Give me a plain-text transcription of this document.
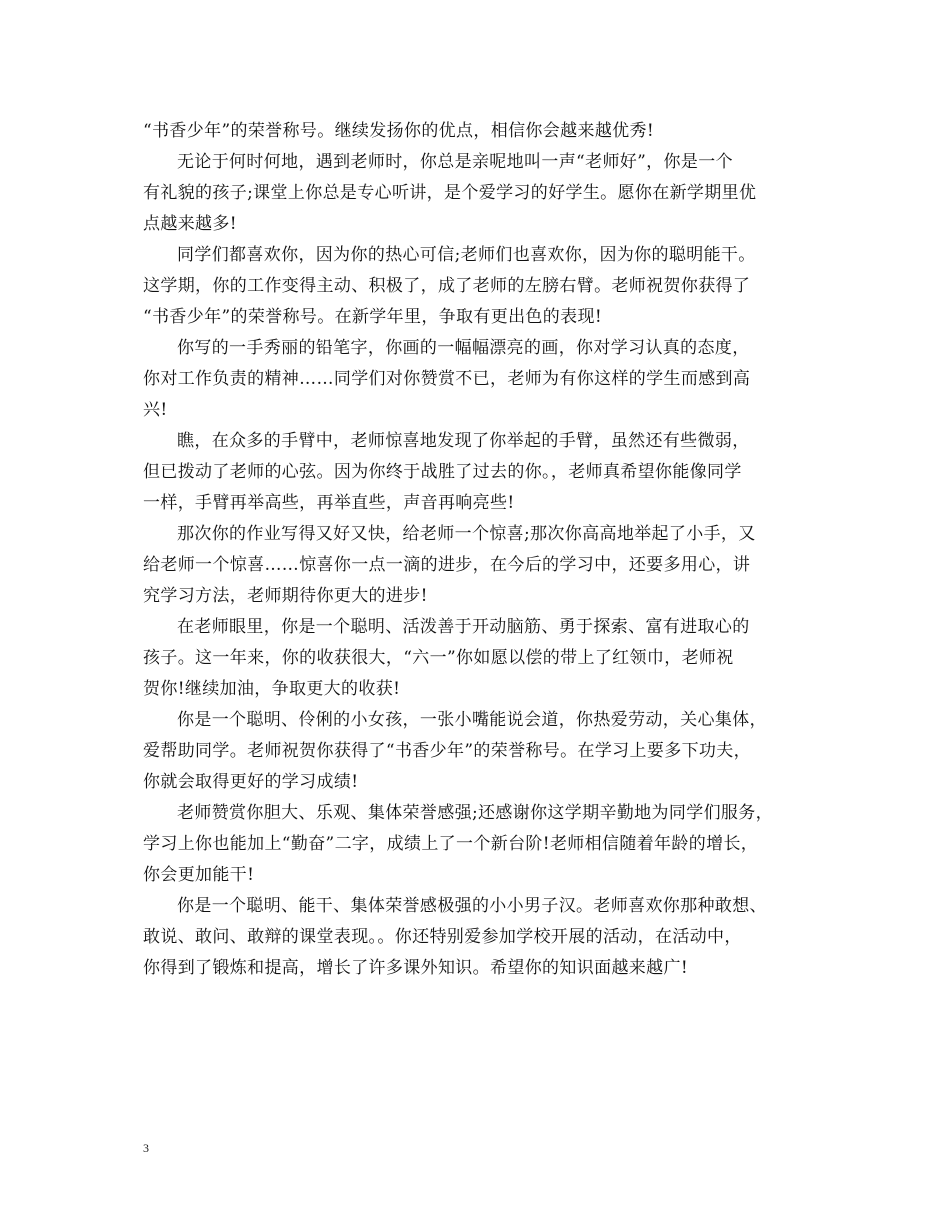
“书香少年”的荣誉称号。继续发扬你的优点，相信你会越来越优秀!
无论于何时何地，遇到老师时，你总是亲呢地叫一声“老师好”，你是一个
有礼貌的孩子;课堂上你总是专心听讲，是个爱学习的好学生。愿你在新学期里优
点越来越多!
同学们都喜欢你，因为你的热心可信;老师们也喜欢你，因为你的聪明能干。
这学期，你的工作变得主动、积极了，成了老师的左膀右臂。老师祝贺你获得了
“书香少年”的荣誉称号。在新学年里，争取有更出色的表现!
你写的一手秀丽的铅笔字，你画的一幅幅漂亮的画，你对学习认真的态度，
你对工作负责的精神……同学们对你赞赏不已，老师为有你这样的学生而感到高
兴!
瞧，在众多的手臂中，老师惊喜地发现了你举起的手臂，虽然还有些微弱，
但已拨动了老师的心弦。因为你终于战胜了过去的你。，老师真希望你能像同学
一样，手臂再举高些，再举直些，声音再响亮些!
那次你的作业写得又好又快，给老师一个惊喜;那次你高高地举起了小手，又
给老师一个惊喜……惊喜你一点一滴的进步，在今后的学习中，还要多用心，讲
究学习方法，老师期待你更大的进步!
在老师眼里，你是一个聪明、活泼善于开动脑筋、勇于探索、富有进取心的
孩子。这一年来，你的收获很大，“六一”你如愿以偿的带上了红领巾，老师祝
贺你!继续加油，争取更大的收获!
你是一个聪明、伶俐的小女孩，一张小嘴能说会道，你热爱劳动，关心集体，
爱帮助同学。老师祝贺你获得了“书香少年”的荣誉称号。在学习上要多下功夫，
你就会取得更好的学习成绩!
老师赞赏你胆大、乐观、集体荣誉感强;还感谢你这学期辛勤地为同学们服务，
学习上你也能加上“勤奋”二字，成绩上了一个新台阶!老师相信随着年龄的增长，
你会更加能干!
你是一个聪明、能干、集体荣誉感极强的小小男子汉。老师喜欢你那种敢想、
敢说、敢问、敢辩的课堂表现。。你还特别爱参加学校开展的活动，在活动中，
你得到了锻炼和提高，增长了许多课外知识。希望你的知识面越来越广!
3
